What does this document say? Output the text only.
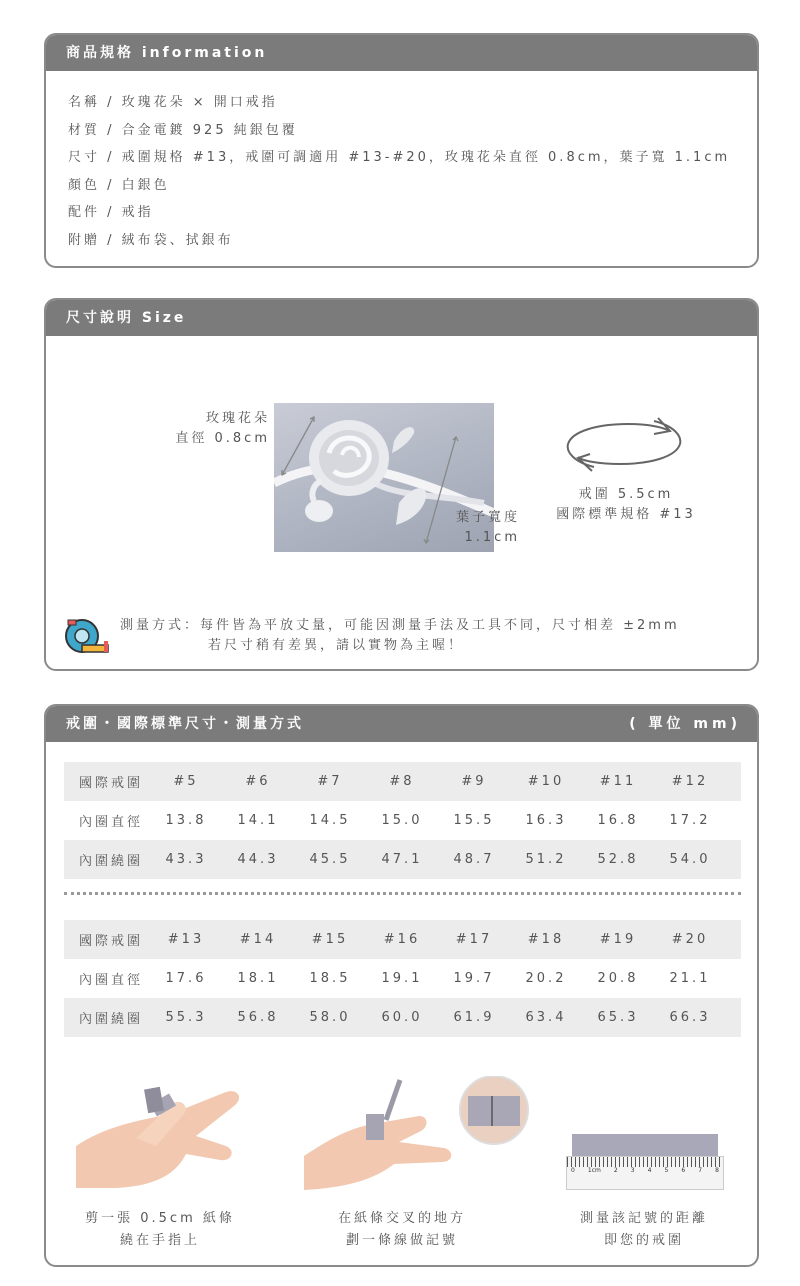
商品規格 information
名稱 / 玫瑰花朵 × 開口戒指
材質 / 合金電鍍 925 純銀包覆
尺寸 / 戒圍規格 #13，戒圍可調適用 #13-#20，玫瑰花朵直徑 0.8cm，葉子寬 1.1cm
顏色 / 白銀色
配件 / 戒指
附贈 / 絨布袋、拭銀布
尺寸說明 Size
玫瑰花朵
直徑 0.8cm
葉子寬度
1.1cm
戒圍 5.5cm
國際標準規格 #13
測量方式：每件皆為平放丈量，可能因測量手法及工具不同，尺寸相差 ±2mm
若尺寸稍有差異，請以實物為主喔！
戒圍・國際標準尺寸・測量方式	( 單位 mm)
國際戒圍	#5	#6	#7	#8	#9	#10	#11	#12
內圈直徑	13.8	14.1	14.5	15.0	15.5	16.3	16.8	17.2
內圍繞圈	43.3	44.3	45.5	47.1	48.7	51.2	52.8	54.0
國際戒圍	#13	#14	#15	#16	#17	#18	#19	#20
內圈直徑	17.6	18.1	18.5	19.1	19.7	20.2	20.8	21.1
內圍繞圈	55.3	56.8	58.0	60.0	61.9	63.4	65.3	66.3
剪一張 0.5cm 紙條
繞在手指上
在紙條交叉的地方
劃一條線做記號
0 1cm 2 3 4 5 6 7 8
測量該記號的距離
即您的戒圍
